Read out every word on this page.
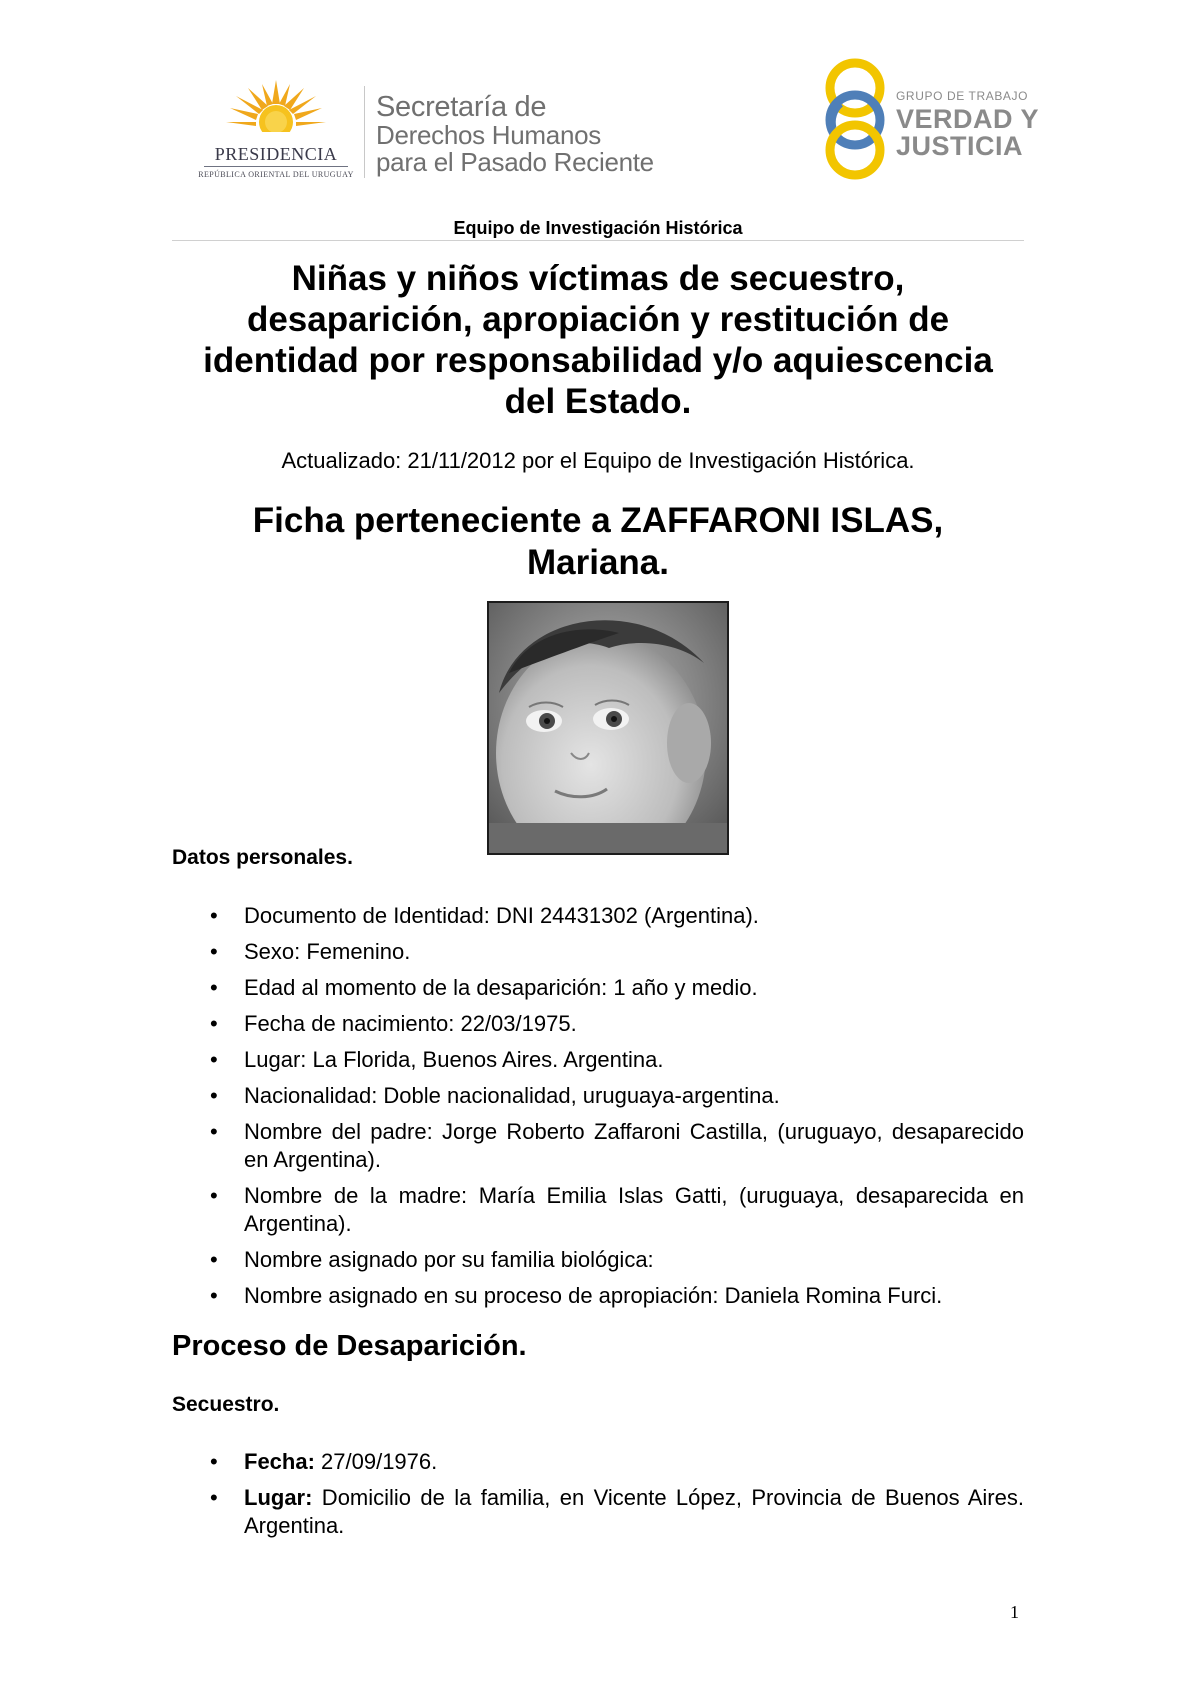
PRESIDENCIA
REPÚBLICA ORIENTAL DEL URUGUAY
Secretaría de
Derechos Humanos
para el Pasado Reciente
GRUPO DE TRABAJO
VERDAD Y
JUSTICIA
Equipo de Investigación Histórica
Niñas y niños víctimas de secuestro,
desaparición, apropiación y restitución de
identidad por responsabilidad y/o aquiescencia
del Estado.
Actualizado: 21/11/2012 por el Equipo de Investigación Histórica.
Ficha perteneciente a ZAFFARONI ISLAS,
Mariana.
Datos personales.
• Documento de Identidad: DNI 24431302 (Argentina).
• Sexo: Femenino.
• Edad al momento de la desaparición: 1 año y medio.
• Fecha de nacimiento: 22/03/1975.
• Lugar: La Florida, Buenos Aires. Argentina.
• Nacionalidad: Doble nacionalidad, uruguaya-argentina.
• Nombre del padre: Jorge Roberto Zaffaroni Castilla, (uruguayo, desaparecido en Argentina).
• Nombre de la madre: María Emilia Islas Gatti, (uruguaya, desaparecida en Argentina).
• Nombre asignado por su familia biológica:
• Nombre asignado en su proceso de apropiación: Daniela Romina Furci.
Proceso de Desaparición.
Secuestro.
• Fecha: 27/09/1976.
• Lugar: Domicilio de la familia, en Vicente López, Provincia de Buenos Aires. Argentina.
1
